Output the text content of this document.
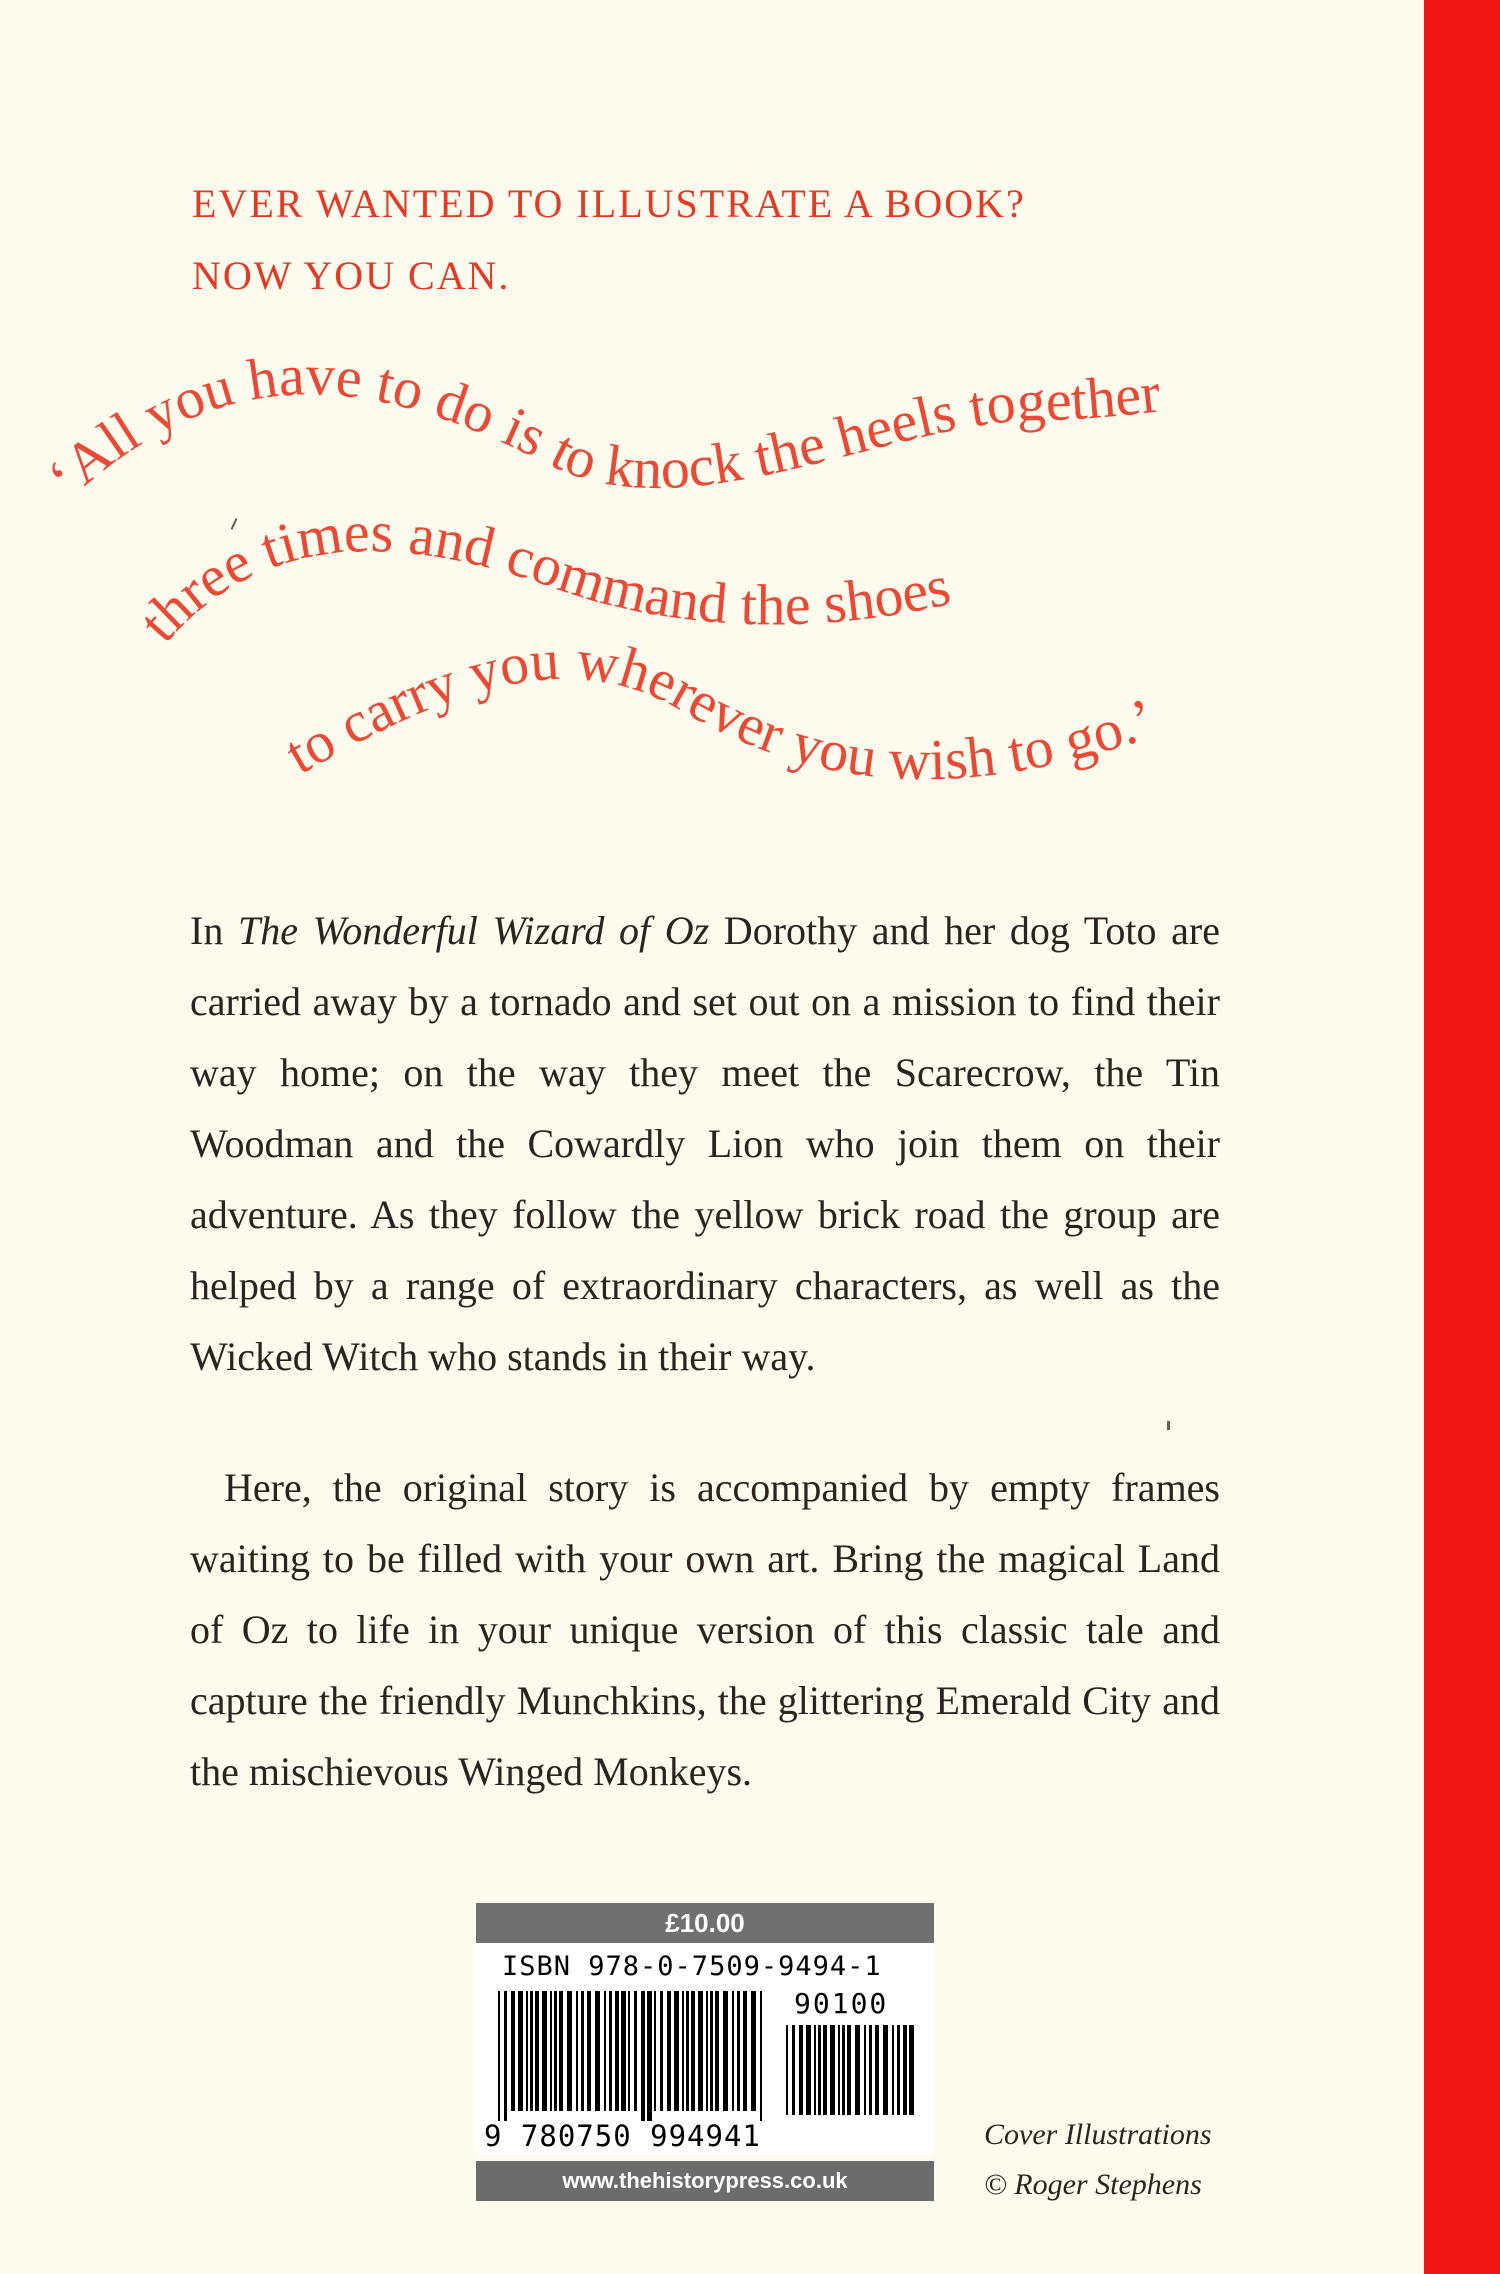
EVER WANTED TO ILLUSTRATE A BOOK?
NOW YOU CAN.
‘All you have to do is to knock the heels together
three times and command the shoes
to carry you wherever you wish to go.’

In The Wonderful Wizard of Oz Dorothy and her dog Toto are carried away by a tornado and set out on a mission to find their way home; on the way they meet the Scarecrow, the Tin Woodman and the Cowardly Lion who join them on their adventure. As they follow the yellow brick road the group are helped by a range of extraordinary characters, as well as the Wicked Witch who stands in their way.

Here, the original story is accompanied by empty frames waiting to be filled with your own art. Bring the magical Land of Oz to life in your unique version of this classic tale and capture the friendly Munchkins, the glittering Emerald City and the mischievous Winged Monkeys.

£10.00
ISBN 978-0-7509-9494-1
90100
9 780750 994941
www.thehistorypress.co.uk
Cover Illustrations
© Roger Stephens
